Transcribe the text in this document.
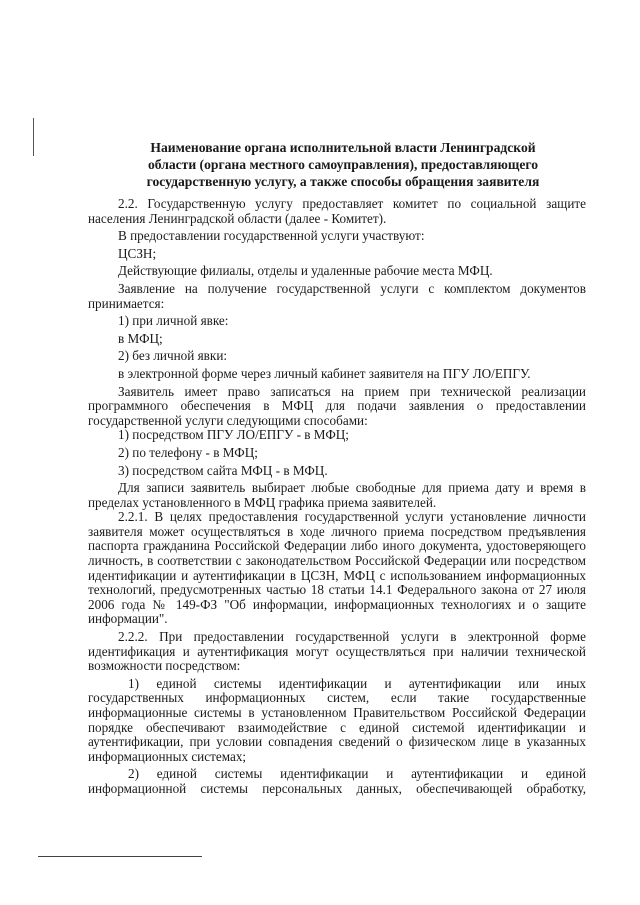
Наименование органа исполнительной власти Ленинградской
области (органа местного самоуправления), предоставляющего
государственную услугу, а также способы обращения заявителя

2.2. Государственную услугу предоставляет комитет по социальной защите населения Ленинградской области (далее - Комитет).

В предоставлении государственной услуги участвуют:

ЦСЗН;

Действующие филиалы, отделы и удаленные рабочие места МФЦ.

Заявление на получение государственной услуги с комплектом документов принимается:

1) при личной явке:

в МФЦ;

2) без личной явки:

в электронной форме через личный кабинет заявителя на ПГУ ЛО/ЕПГУ.

Заявитель имеет право записаться на прием при технической реализации программного обеспечения в МФЦ для подачи заявления о предоставлении государственной услуги следующими способами:

1) посредством ПГУ ЛО/ЕПГУ - в МФЦ;

2) по телефону - в МФЦ;

3) посредством сайта МФЦ - в МФЦ.

Для записи заявитель выбирает любые свободные для приема дату и время в пределах установленного в МФЦ графика приема заявителей.

2.2.1. В целях предоставления государственной услуги установление личности заявителя может осуществляться в ходе личного приема посредством предъявления паспорта гражданина Российской Федерации либо иного документа, удостоверяющего личность, в соответствии с законодательством Российской Федерации или посредством идентификации и аутентификации в ЦСЗН, МФЦ с использованием информационных технологий, предусмотренных частью 18 статьи 14.1 Федерального закона от 27 июля 2006 года № 149-ФЗ "Об информации, информационных технологиях и о защите информации".

2.2.2. При предоставлении государственной услуги в электронной форме идентификация и аутентификация могут осуществляться при наличии технической возможности посредством:

1) единой системы идентификации и аутентификации или иных государственных информационных систем, если такие государственные информационные системы в установленном Правительством Российской Федерации порядке обеспечивают взаимодействие с единой системой идентификации и аутентификации, при условии совпадения сведений о физическом лице в указанных информационных системах;

2) единой системы идентификации и аутентификации и единой информационной системы персональных данных, обеспечивающей обработку,
